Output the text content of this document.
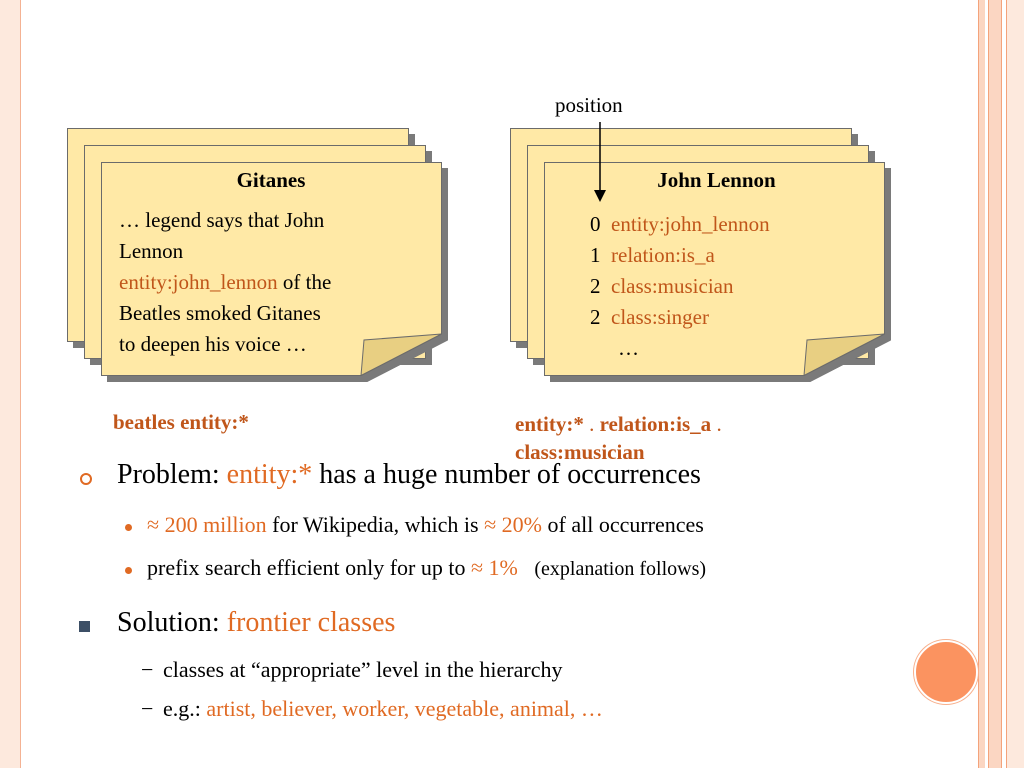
Gitanes
… legend says that John
Lennon
entity:john_lennon of the
Beatles smoked Gitanes
to deepen his voice …
John Lennon
0 entity:john_lennon
1 relation:is_a
2 class:musician
2 class:singer
…
position
beatles entity:*	entity:* . relation:is_a .
class:musician
Problem: entity:* has a huge number of occurrences
≈ 200 million for Wikipedia, which is ≈ 20% of all occurrences
prefix search efficient only for up to ≈ 1% (explanation follows)
Solution: frontier classes
− classes at “appropriate” level in the hierarchy
− e.g.: artist, believer, worker, vegetable, animal, …
